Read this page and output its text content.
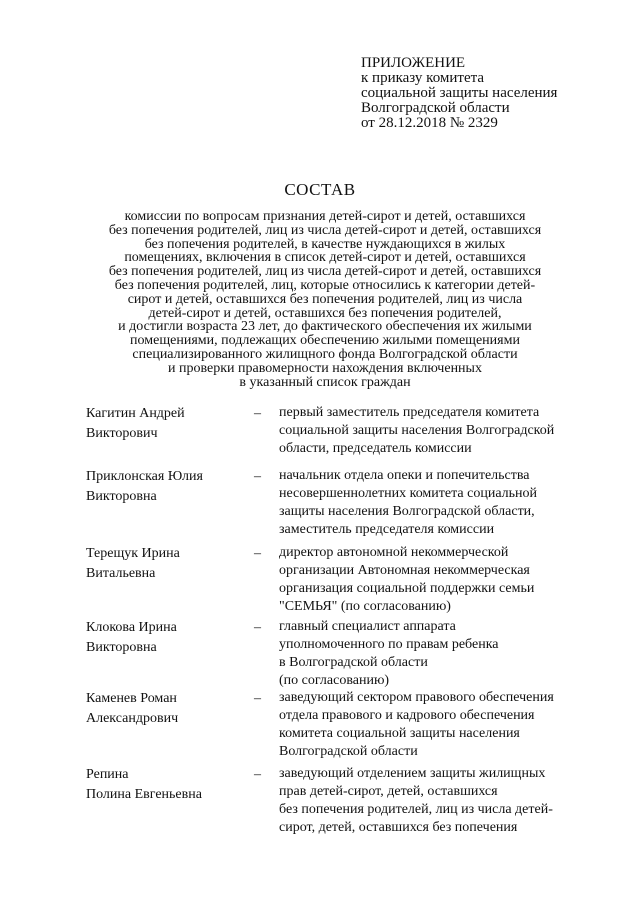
ПРИЛОЖЕНИЕ
к приказу комитета
социальной защиты населения
Волгоградской области
от 28.12.2018 № 2329
СОСТАВ
комиссии по вопросам признания детей-сирот и детей, оставшихся
без попечения родителей, лиц из числа детей-сирот и детей, оставшихся
без попечения родителей, в качестве нуждающихся в жилых
помещениях, включения в список детей-сирот и детей, оставшихся
без попечения родителей, лиц из числа детей-сирот и детей, оставшихся
без попечения родителей, лиц, которые относились к категории детей-
сирот и детей, оставшихся без попечения родителей, лиц из числа
детей-сирот и детей, оставшихся без попечения родителей,
и достигли возраста 23 лет, до фактического обеспечения их жилыми
помещениями, подлежащих обеспечению жилыми помещениями
специализированного жилищного фонда Волгоградской области
и проверки правомерности нахождения включенных
в указанный список граждан
Кагитин Андрей
Викторович
– первый заместитель председателя комитета
социальной защиты населения Волгоградской
области, председатель комиссии
Приклонская Юлия
Викторовна
– начальник отдела опеки и попечительства
несовершеннолетних комитета социальной
защиты населения Волгоградской области,
заместитель председателя комиссии
Терещук Ирина
Витальевна
– директор автономной некоммерческой
организации Автономная некоммерческая
организация социальной поддержки семьи
"СЕМЬЯ" (по согласованию)
Клокова Ирина
Викторовна
– главный специалист аппарата
уполномоченного по правам ребенка
в Волгоградской области
(по согласованию)
Каменев Роман
Александрович
– заведующий сектором правового обеспечения
отдела правового и кадрового обеспечения
комитета социальной защиты населения
Волгоградской области
Репина
Полина Евгеньевна
– заведующий отделением защиты жилищных
прав детей-сирот, детей, оставшихся
без попечения родителей, лиц из числа детей-
сирот, детей, оставшихся без попечения
